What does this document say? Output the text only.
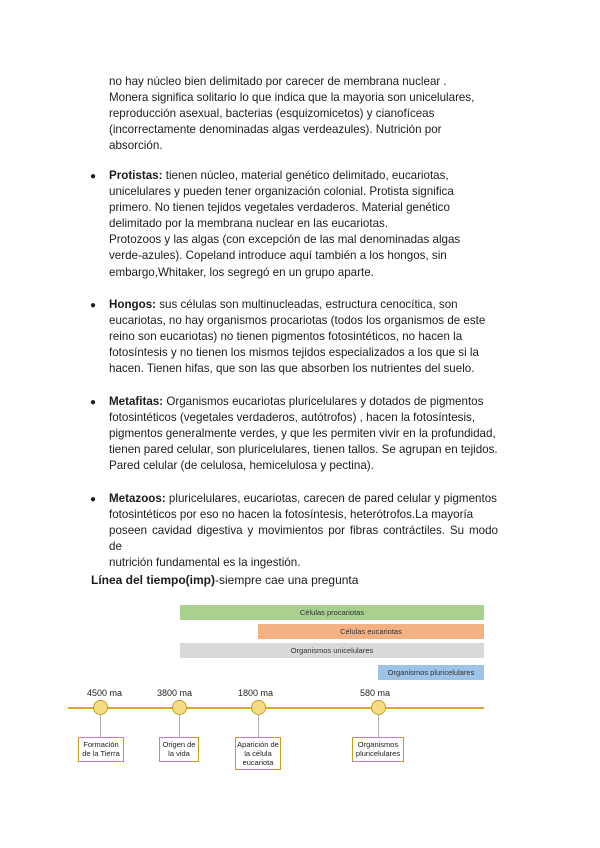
no hay núcleo bien delimitado por carecer de membrana nuclear .
Monera significa solitario lo que indica que la mayoria son unicelulares,
reproducción asexual, bacterias (esquizomicetos) y cianofíceas
(incorrectamente denominadas algas verdeazules). Nutrición por
absorción.

● Protistas: tienen núcleo, material genético delimitado, eucariotas,
unicelulares y pueden tener organización colonial. Protista significa
primero. No tienen tejidos vegetales verdaderos. Material genético
delimitado por la membrana nuclear en las eucariotas.
Protozoos y las algas (con excepción de las mal denominadas algas
verde-azules). Copeland introduce aquí también a los hongos, sin
embargo,Whitaker, los segregó en un grupo aparte.

● Hongos: sus células son multinucleadas, estructura cenocítica, son
eucariotas, no hay organismos procariotas (todos los organismos de este
reino son eucariotas) no tienen pigmentos fotosintéticos, no hacen la
fotosíntesis y no tienen los mismos tejidos especializados a los que si la
hacen. Tienen hifas, que son las que absorben los nutrientes del suelo.

● Metafitas: Organismos eucariotas pluricelulares y dotados de pigmentos
fotosintéticos (vegetales verdaderos, autótrofos) , hacen la fotosíntesis,
pigmentos generalmente verdes, y que les permiten vivir en la profundidad,
tienen pared celular, son pluricelulares, tienen tallos. Se agrupan en tejidos.
Pared celular (de celulosa, hemicelulosa y pectina).

● Metazoos: pluricelulares, eucariotas, carecen de pared celular y pigmentos
fotosintéticos por eso no hacen la fotosíntesis, heterótrofos.La mayoría
poseen cavidad digestiva y movimientos por fibras contráctiles. Su modo de
nutrición fundamental es la ingestión.

Línea del tiempo(imp)-siempre cae una pregunta
Células procariotas
Células eucariotas
Organismos unicelulares
Organismos pluricelulares
4500 ma	3800 ma	1800 ma	580 ma
Formación de la Tierra
Origen de la vida
Aparición de la célula eucariota
Organismos pluricelulares
